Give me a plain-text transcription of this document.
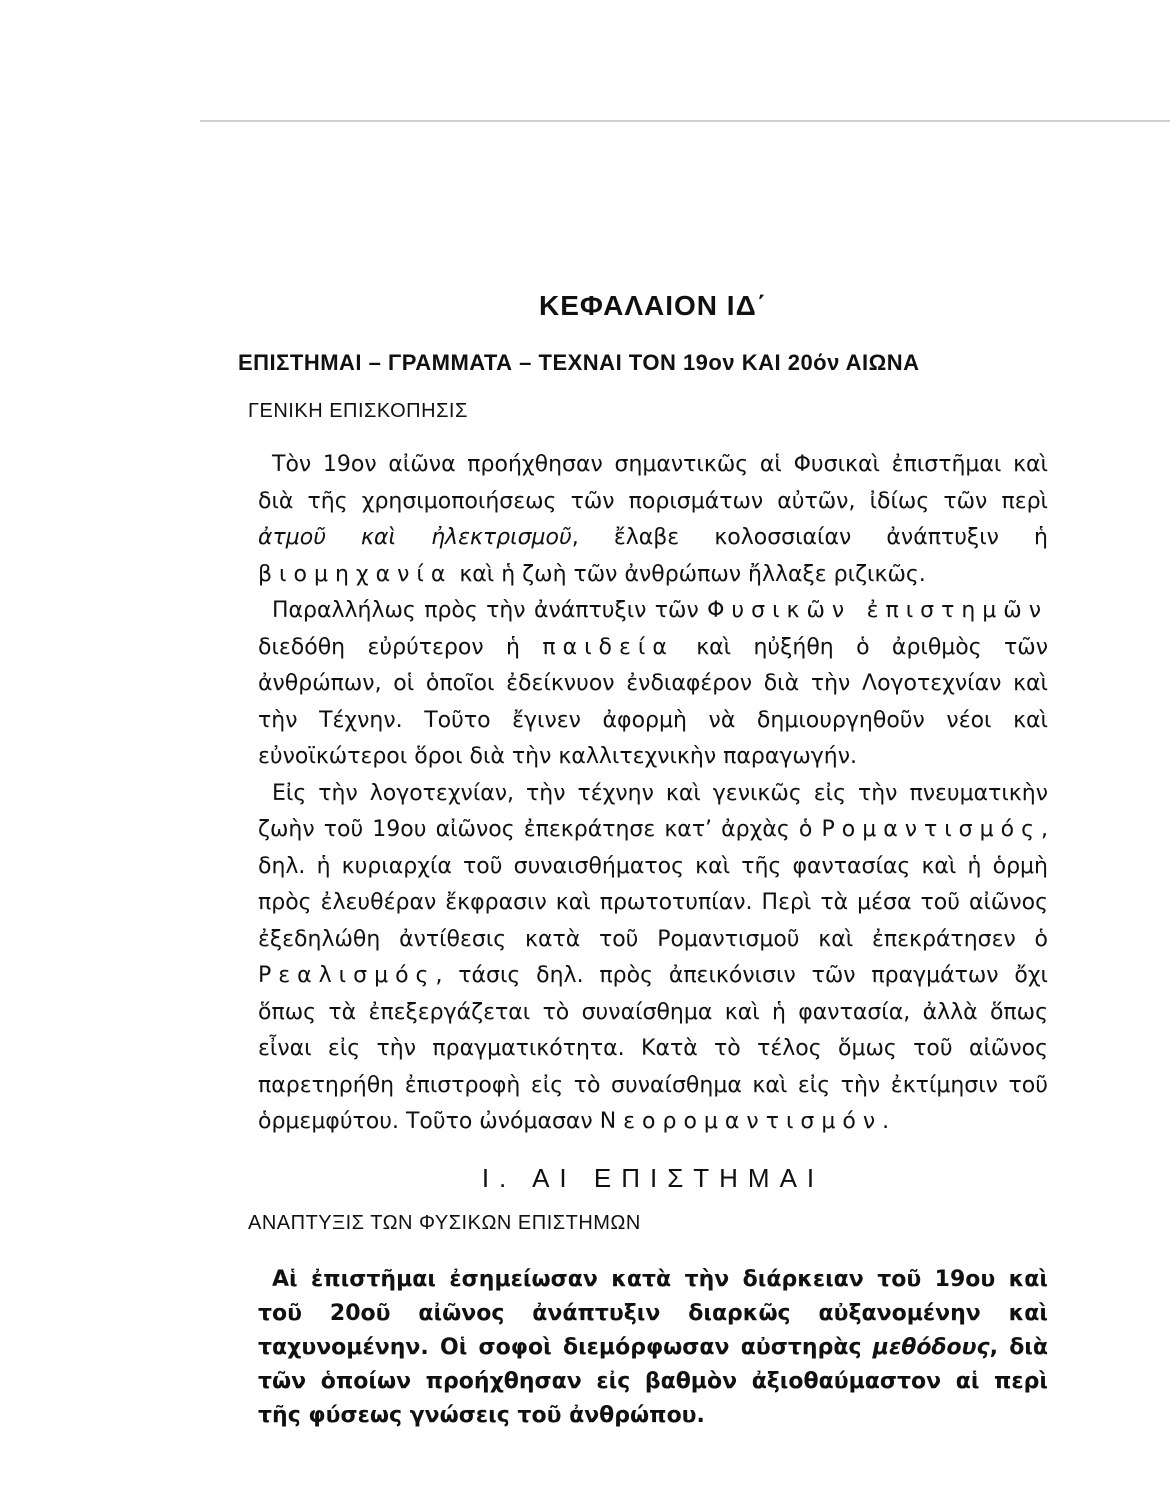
ΚΕΦΑΛΑΙΟΝ ΙΔ΄
ΕΠΙΣΤΗΜΑΙ – ΓΡΑΜΜΑΤΑ – ΤΕΧΝΑΙ ΤΟΝ 19ον ΚΑΙ 20όν ΑΙΩΝΑ
ΓΕΝΙΚΗ ΕΠΙΣΚΟΠΗΣΙΣ

Τὸν 19ον αἰῶνα προήχθησαν σημαντικῶς αἱ Φυσικαὶ ἐπιστῆμαι καὶ διὰ τῆς χρησιμοποιήσεως τῶν πορισμάτων αὐτῶν, ἰδίως τῶν περὶ ἀτμοῦ καὶ ἠλεκτρισμοῦ, ἔλαβε κολοσσιαίαν ἀνάπτυξιν ἡ βιομηχανία καὶ ἡ ζωὴ τῶν ἀνθρώπων ἤλλαξε ριζικῶς.

Παραλλήλως πρὸς τὴν ἀνάπτυξιν τῶν Φυσικῶν ἐπιστημῶν διεδόθη εὐρύτερον ἡ παιδεία καὶ ηὐξήθη ὁ ἀριθμὸς τῶν ἀνθρώπων, οἱ ὁποῖοι ἐδείκνυον ἐνδιαφέρον διὰ τὴν Λογοτεχνίαν καὶ τὴν Τέχνην. Τοῦτο ἔγινεν ἀφορμὴ νὰ δημιουργηθοῦν νέοι καὶ εὐνοϊκώτεροι ὅροι διὰ τὴν καλλιτεχνικὴν παραγωγήν.

Εἰς τὴν λογοτεχνίαν, τὴν τέχνην καὶ γενικῶς εἰς τὴν πνευματικὴν ζωὴν τοῦ 19ου αἰῶνος ἐπεκράτησε κατ’ ἀρχὰς ὁ Ρομαντισμός, δηλ. ἡ κυριαρχία τοῦ συναισθήματος καὶ τῆς φαντασίας καὶ ἡ ὁρμὴ πρὸς ἐλευθέραν ἔκφρασιν καὶ πρωτοτυπίαν. Περὶ τὰ μέσα τοῦ αἰῶνος ἐξεδηλώθη ἀντίθεσις κατὰ τοῦ Ρομαντισμοῦ καὶ ἐπεκράτησεν ὁ Ρεαλισμός, τάσις δηλ. πρὸς ἀπεικόνισιν τῶν πραγμάτων ὄχι ὅπως τὰ ἐπεξεργάζεται τὸ συναίσθημα καὶ ἡ φαντασία, ἀλλὰ ὅπως εἶναι εἰς τὴν πραγματικότητα. Κατὰ τὸ τέλος ὅμως τοῦ αἰῶνος παρετηρήθη ἐπιστροφὴ εἰς τὸ συναίσθημα καὶ εἰς τὴν ἐκτίμησιν τοῦ ὁρμεμφύτου. Τοῦτο ὠνόμασαν Νεορομαντισμόν.

Ι. ΑΙ ΕΠΙΣΤΗΜΑΙ
ΑΝΑΠΤΥΞΙΣ ΤΩΝ ΦΥΣΙΚΩΝ ΕΠΙΣΤΗΜΩΝ

Αἱ ἐπιστῆμαι ἐσημείωσαν κατὰ τὴν διάρκειαν τοῦ 19ου καὶ τοῦ 20οῦ αἰῶνος ἀνάπτυξιν διαρκῶς αὐξανομένην καὶ ταχυνομένην. Οἱ σοφοὶ διεμόρφωσαν αὐστηρὰς μεθόδους, διὰ τῶν ὁποίων προήχθησαν εἰς βαθμὸν ἀξιοθαύμαστον αἱ περὶ τῆς φύσεως γνώσεις τοῦ ἀνθρώπου.
